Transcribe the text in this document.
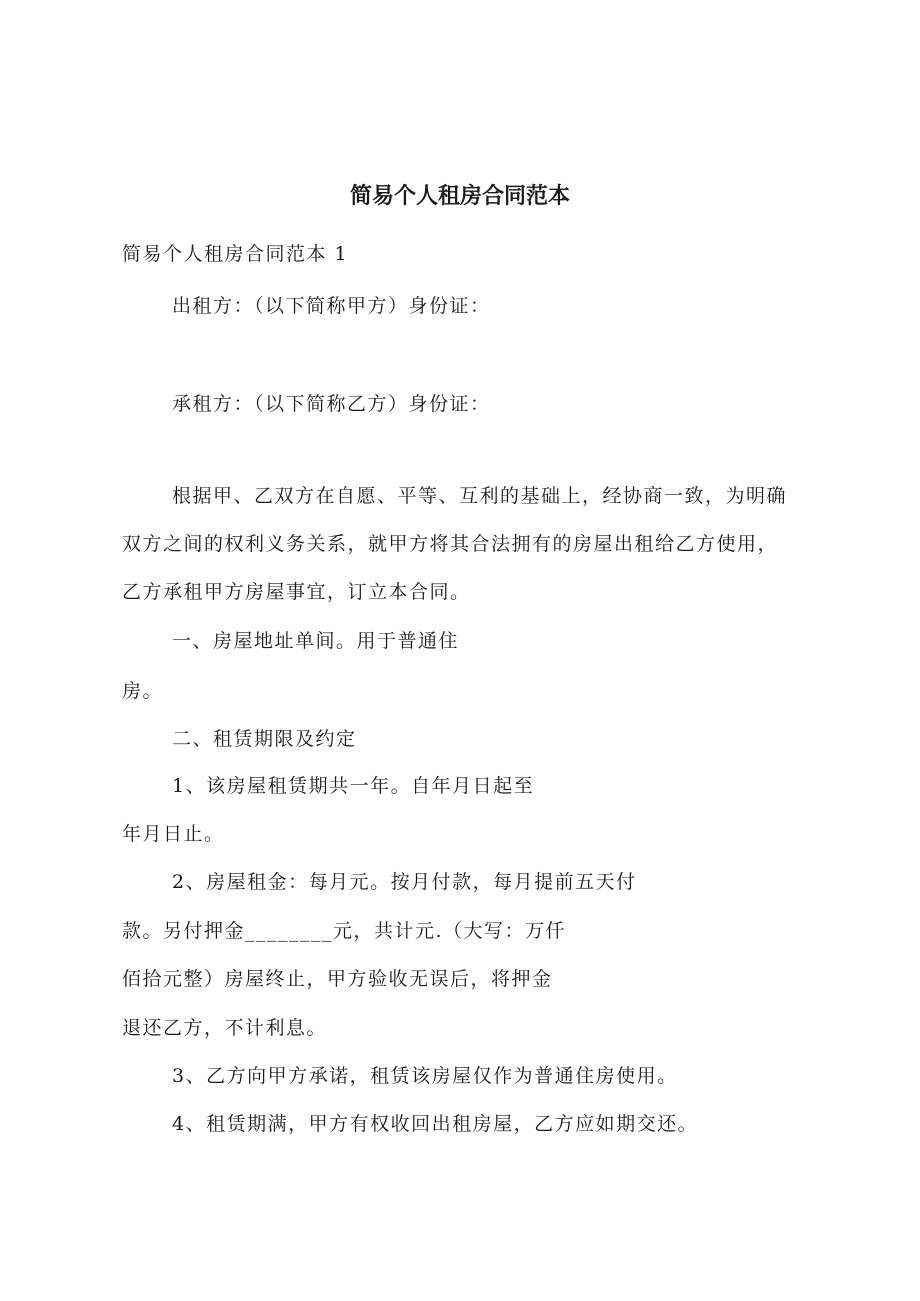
简易个人租房合同范本
简易个人租房合同范本 1
出租方：（以下简称甲方）身份证：
承租方：（以下简称乙方）身份证：
根据甲、乙双方在自愿、平等、互利的基础上，经协商一致，为明确
双方之间的权利义务关系，就甲方将其合法拥有的房屋出租给乙方使用，
乙方承租甲方房屋事宜，订立本合同。
一、房屋地址单间。用于普通住
房。
二、租赁期限及约定
1、该房屋租赁期共一年。自年月日起至
年月日止。
2、房屋租金：每月元。按月付款，每月提前五天付
款。另付押金________元，共计元.（大写：万仟
佰拾元整）房屋终止，甲方验收无误后，将押金
退还乙方，不计利息。
3、乙方向甲方承诺，租赁该房屋仅作为普通住房使用。
4、租赁期满，甲方有权收回出租房屋，乙方应如期交还。
